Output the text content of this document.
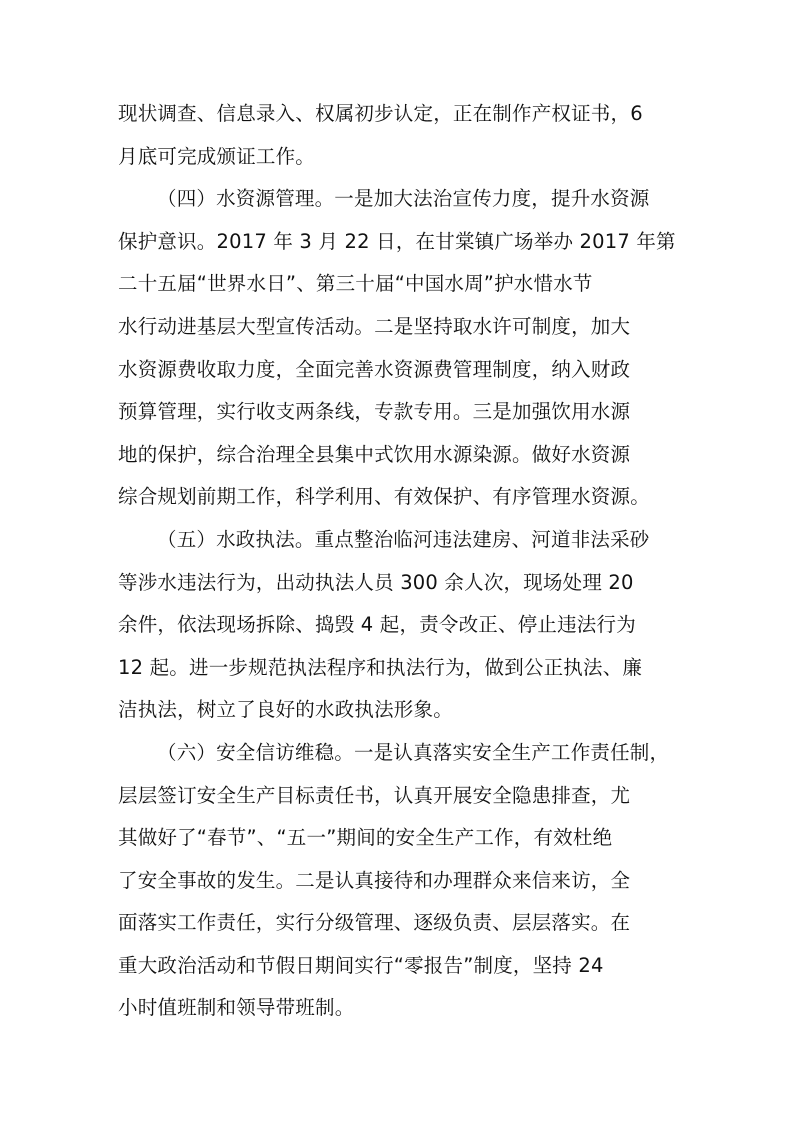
现状调查、信息录入、权属初步认定，正在制作产权证书，6
月底可完成颁证工作。
（四）水资源管理。一是加大法治宣传力度，提升水资源
保护意识。2017 年 3 月 22 日，在甘棠镇广场举办 2017 年第
二十五届“世界水日”、第三十届“中国水周”护水惜水节
水行动进基层大型宣传活动。二是坚持取水许可制度，加大
水资源费收取力度，全面完善水资源费管理制度，纳入财政
预算管理，实行收支两条线，专款专用。三是加强饮用水源
地的保护，综合治理全县集中式饮用水源染源。做好水资源
综合规划前期工作，科学利用、有效保护、有序管理水资源。
（五）水政执法。重点整治临河违法建房、河道非法采砂
等涉水违法行为，出动执法人员 300 余人次，现场处理 20
余件，依法现场拆除、捣毁 4 起，责令改正、停止违法行为
12 起。进一步规范执法程序和执法行为，做到公正执法、廉
洁执法，树立了良好的水政执法形象。
（六）安全信访维稳。一是认真落实安全生产工作责任制，
层层签订安全生产目标责任书，认真开展安全隐患排查，尤
其做好了“春节”、“五一”期间的安全生产工作，有效杜绝
了安全事故的发生。二是认真接待和办理群众来信来访，全
面落实工作责任，实行分级管理、逐级负责、层层落实。在
重大政治活动和节假日期间实行“零报告”制度，坚持 24
小时值班制和领导带班制。
